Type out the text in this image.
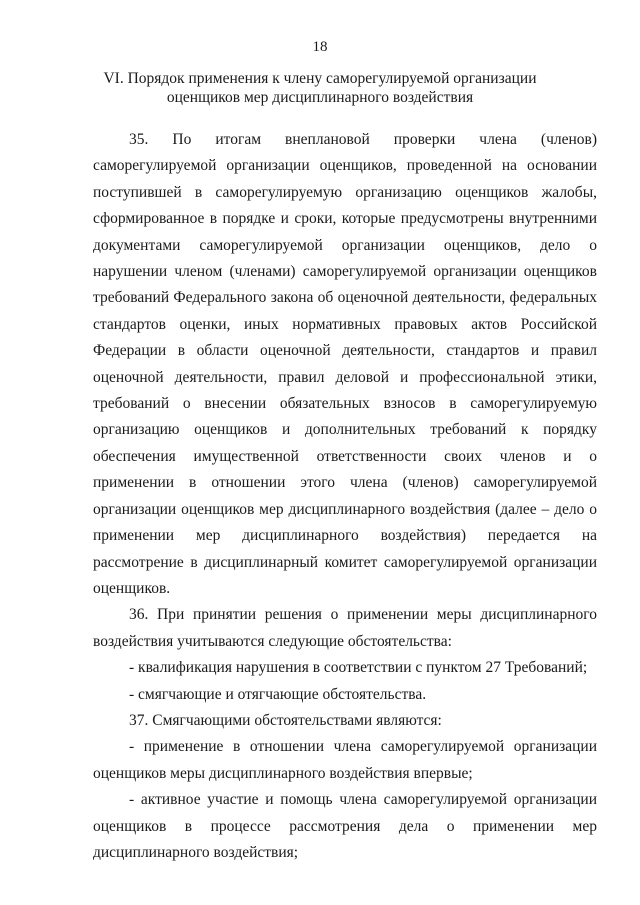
18
VI. Порядок применения к члену саморегулируемой организации
оценщиков мер дисциплинарного воздействия

35. По итогам внеплановой проверки члена (членов) саморегулируемой организации оценщиков, проведенной на основании поступившей в саморегулируемую организацию оценщиков жалобы, сформированное в порядке и сроки, которые предусмотрены внутренними документами саморегулируемой организации оценщиков, дело о нарушении членом (членами) саморегулируемой организации оценщиков требований Федерального закона об оценочной деятельности, федеральных стандартов оценки, иных нормативных правовых актов Российской Федерации в области оценочной деятельности, стандартов и правил оценочной деятельности, правил деловой и профессиональной этики, требований о внесении обязательных взносов в саморегулируемую организацию оценщиков и дополнительных требований к порядку обеспечения имущественной ответственности своих членов и о применении в отношении этого члена (членов) саморегулируемой организации оценщиков мер дисциплинарного воздействия (далее – дело о применении мер дисциплинарного воздействия) передается на рассмотрение в дисциплинарный комитет саморегулируемой организации оценщиков.

36. При принятии решения о применении меры дисциплинарного воздействия учитываются следующие обстоятельства:

- квалификация нарушения в соответствии с пунктом 27 Требований;

- смягчающие и отягчающие обстоятельства.

37. Смягчающими обстоятельствами являются:

- применение в отношении члена саморегулируемой организации оценщиков меры дисциплинарного воздействия впервые;

- активное участие и помощь члена саморегулируемой организации оценщиков в процессе рассмотрения дела о применении мер дисциплинарного воздействия;
